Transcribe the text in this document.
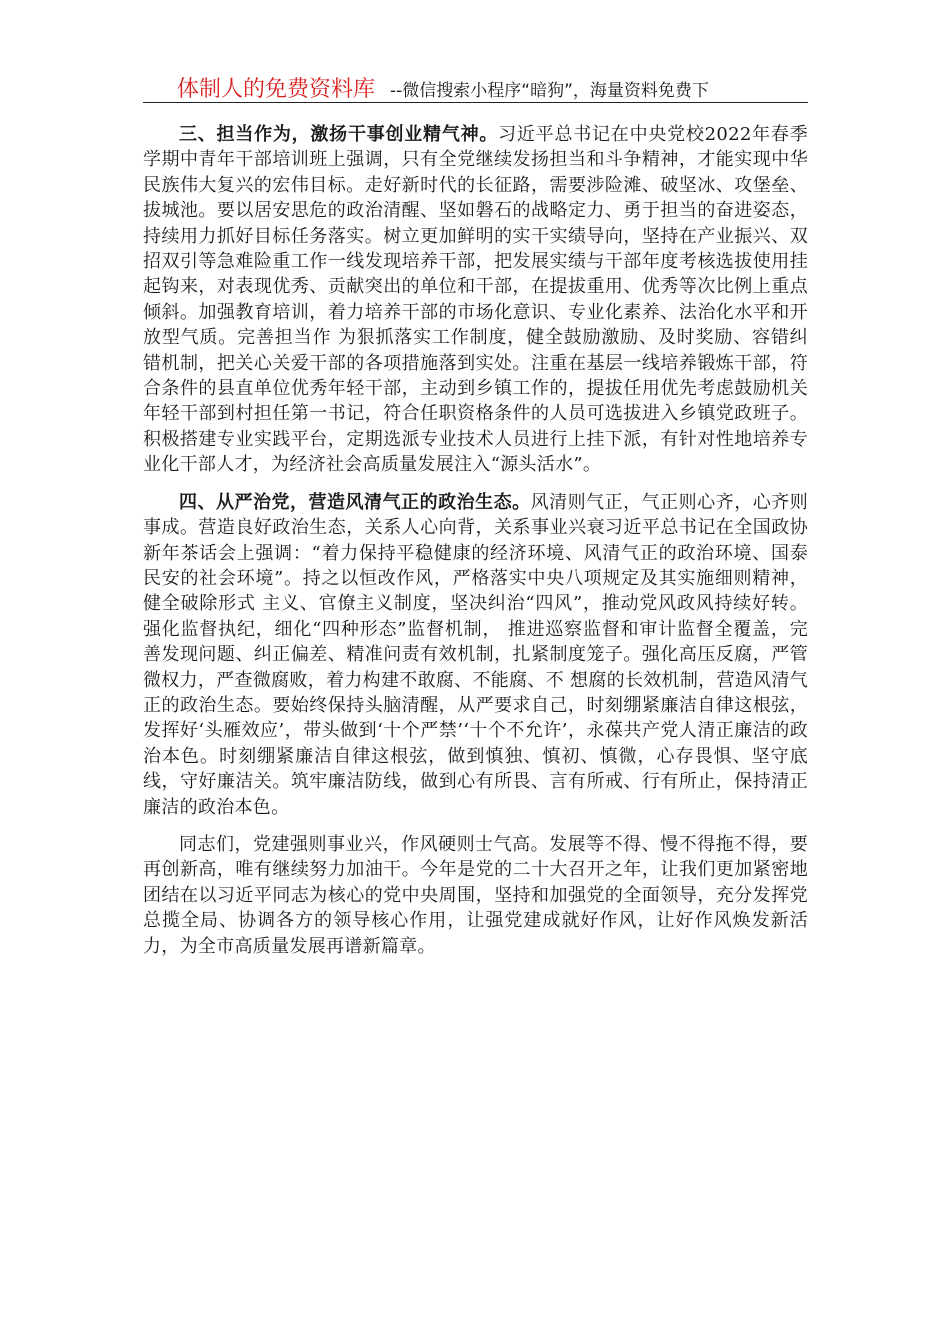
体制人的免费资料库 --微信搜索小程序“暗狗”，海量资料免费下

三、担当作为，激扬干事创业精气神。习近平总书记在中央党校2022年春季学期中青年干部培训班上强调，只有全党继续发扬担当和斗争精神，才能实现中华民族伟大复兴的宏伟目标。走好新时代的长征路，需要涉险滩、破坚冰、攻堡垒、拔城池。要以居安思危的政治清醒、坚如磐石的战略定力、勇于担当的奋进姿态，持续用力抓好目标任务落实。树立更加鲜明的实干实绩导向，坚持在产业振兴、双招双引等急难险重工作一线发现培养干部，把发展实绩与干部年度考核选拔使用挂起钩来，对表现优秀、贡献突出的单位和干部，在提拔重用、优秀等次比例上重点倾斜。加强教育培训，着力培养干部的市场化意识、专业化素养、法治化水平和开放型气质。完善担当作 为狠抓落实工作制度，健全鼓励激励、及时奖励、容错纠 错机制，把关心关爱干部的各项措施落到实处。注重在基层一线培养锻炼干部，符合条件的县直单位优秀年轻干部，主动到乡镇工作的，提拔任用优先考虑鼓励机关年轻干部到村担任第一书记，符合任职资格条件的人员可选拔进入乡镇党政班子。积极搭建专业实践平台，定期选派专业技术人员进行上挂下派，有针对性地培养专业化干部人才，为经济社会高质量发展注入“源头活水”。

四、从严治党，营造风清气正的政治生态。风清则气正，气正则心齐，心齐则事成。营造良好政治生态，关系人心向背，关系事业兴衰习近平总书记在全国政协新年茶话会上强调：“着力保持平稳健康的经济环境、风清气正的政治环境、国泰民安的社会环境”。持之以恒改作风，严格落实中央八项规定及其实施细则精神，健全破除形式 主义、官僚主义制度，坚决纠治“四风”，推动党风政风持续好转。强化监督执纪，细化“四种形态”监督机制， 推进巡察监督和审计监督全覆盖，完善发现问题、纠正偏差、精准问责有效机制，扎紧制度笼子。强化高压反腐，严管微权力，严查微腐败，着力构建不敢腐、不能腐、不 想腐的长效机制，营造风清气正的政治生态。要始终保持头脑清醒，从严要求自己，时刻绷紧廉洁自律这根弦，发挥好‘头雁效应’，带头做到‘十个严禁’‘十个不允许’，永葆共产党人清正廉洁的政治本色。时刻绷紧廉洁自律这根弦，做到慎独、慎初、慎微，心存畏惧、坚守底线，守好廉洁关。筑牢廉洁防线，做到心有所畏、言有所戒、行有所止，保持清正廉洁的政治本色。

同志们，党建强则事业兴，作风硬则士气高。发展等不得、慢不得拖不得，要再创新高，唯有继续努力加油干。今年是党的二十大召开之年，让我们更加紧密地团结在以习近平同志为核心的党中央周围，坚持和加强党的全面领导，充分发挥党总揽全局、协调各方的领导核心作用，让强党建成就好作风，让好作风焕发新活力，为全市高质量发展再谱新篇章。
